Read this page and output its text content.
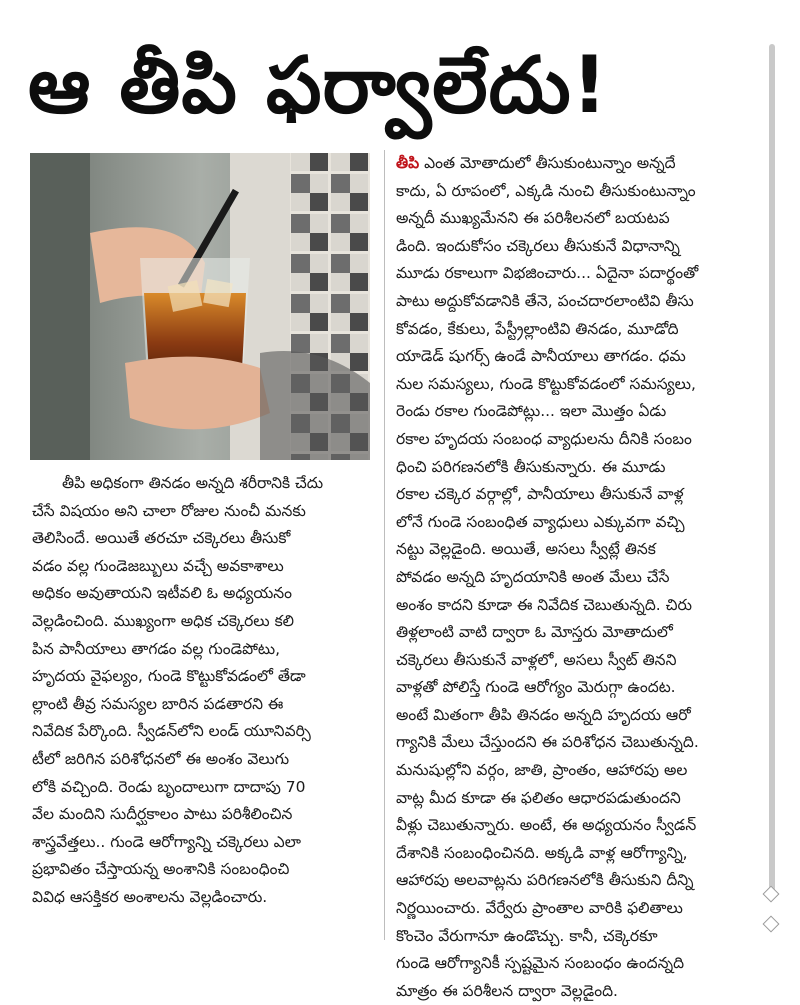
ఆ తీపి ఫర్వాలేదు!
తీపి అధికంగా తినడం అన్నది శరీరానికి చేదు
చేసే విషయం అని చాలా రోజుల నుంచీ మనకు
తెలిసిందే. అయితే తరచూ చక్కెరలు తీసుకో
వడం వల్ల గుండెజబ్బులు వచ్చే అవకాశాలు
అధికం అవుతాయని ఇటీవలి ఓ అధ్యయనం
వెల్లడించింది. ముఖ్యంగా అధిక చక్కెరలు కలి
పిన పానీయాలు తాగడం వల్ల గుండెపోటు,
హృదయ వైఫల్యం, గుండె కొట్టుకోవడంలో తేడా
ల్లాంటి తీవ్ర సమస్యల బారిన పడతారని ఈ
నివేదిక పేర్కొంది. స్వీడన్‌లోని లండ్ యూనివర్సి
టీలో జరిగిన పరిశోధనలో ఈ అంశం వెలుగు
లోకి వచ్చింది. రెండు బృందాలుగా దాదాపు 70
వేల మందిని సుదీర్ఘకాలం పాటు పరిశీలించిన
శాస్త్రవేత్తలు.. గుండె ఆరోగ్యాన్ని చక్కెరలు ఎలా
ప్రభావితం చేస్తాయన్న అంశానికి సంబంధించి
వివిధ ఆసక్తికర అంశాలను వెల్లడించారు.
తీపి ఎంత మోతాదులో తీసుకుంటున్నాం అన్నదే
కాదు, ఏ రూపంలో, ఎక్కడి నుంచి తీసుకుంటున్నాం
అన్నదీ ముఖ్యమేనని ఈ పరిశీలనలో బయటప
డింది. ఇందుకోసం చక్కెరలు తీసుకునే విధానాన్ని
మూడు రకాలుగా విభజించారు... ఏదైనా పదార్థంతో
పాటు అద్దుకోవడానికి తేనె, పంచదారలాంటివి తీసు
కోవడం, కేకులు, పేస్ట్రీల్లాంటివి తినడం, మూడోది
యాడెడ్ షుగర్స్ ఉండే పానీయాలు తాగడం. ధమ
నుల సమస్యలు, గుండె కొట్టుకోవడంలో సమస్యలు,
రెండు రకాల గుండెపోట్లు... ఇలా మొత్తం ఏడు
రకాల హృదయ సంబంధ వ్యాధులను దీనికి సంబం
ధించి పరిగణనలోకి తీసుకున్నారు. ఈ మూడు
రకాల చక్కెర వర్గాల్లో, పానీయాలు తీసుకునే వాళ్ల
లోనే గుండె సంబంధిత వ్యాధులు ఎక్కువగా వచ్చి
నట్టు వెల్లడైంది. అయితే, అసలు స్వీట్లే తినక
పోవడం అన్నది హృదయానికి అంత మేలు చేసే
అంశం కాదని కూడా ఈ నివేదిక చెబుతున్నది. చిరు
తిళ్లలాంటి వాటి ద్వారా ఓ మోస్తరు మోతాదులో
చక్కెరలు తీసుకునే వాళ్లలో, అసలు స్వీట్ తినని
వాళ్లతో పోలిస్తే గుండె ఆరోగ్యం మెరుగ్గా ఉందట.
అంటే మితంగా తీపి తినడం అన్నది హృదయ ఆరో
గ్యానికి మేలు చేస్తుందని ఈ పరిశోధన చెబుతున్నది.
మనుషుల్లోని వర్గం, జాతి, ప్రాంతం, ఆహారపు అల
వాట్ల మీద కూడా ఈ ఫలితం ఆధారపడుతుందని
వీళ్లు చెబుతున్నారు. అంటే, ఈ అధ్యయనం స్వీడన్
దేశానికి సంబంధించినది. అక్కడి వాళ్ల ఆరోగ్యాన్ని,
ఆహారపు అలవాట్లను పరిగణనలోకి తీసుకుని దీన్ని
నిర్ణయించారు. వేర్వేరు ప్రాంతాల వారికి ఫలితాలు
కొంచెం వేరుగానూ ఉండొచ్చు. కానీ, చక్కెరకూ
గుండె ఆరోగ్యానికీ స్పష్టమైన సంబంధం ఉందన్నది
మాత్రం ఈ పరిశీలన ద్వారా వెల్లడైంది.
